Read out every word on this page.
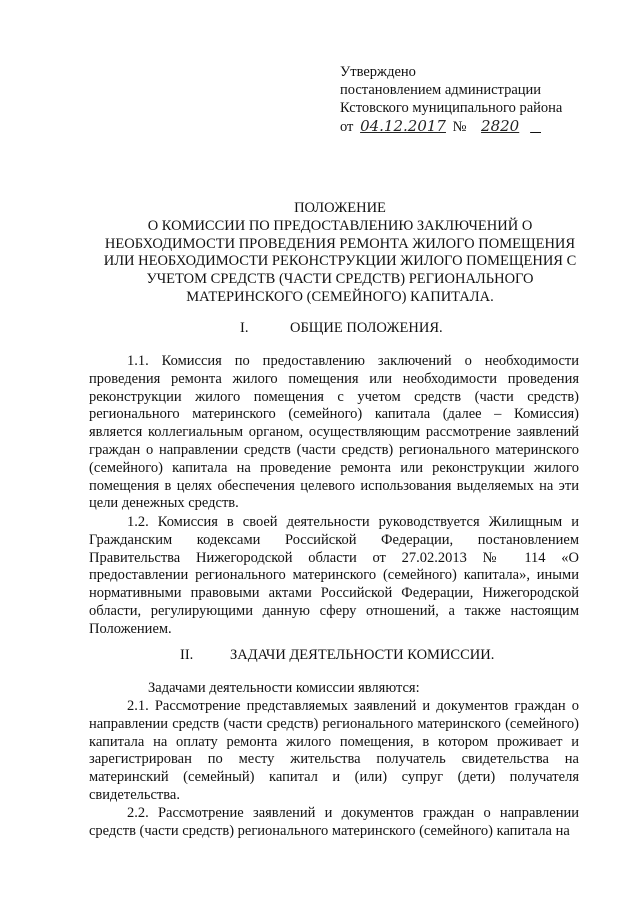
Утверждено
постановлением администрации
Кстовского муниципального района
от 04.12.2017 № 2820
ПОЛОЖЕНИЕ
О КОМИССИИ ПО ПРЕДОСТАВЛЕНИЮ ЗАКЛЮЧЕНИЙ О
НЕОБХОДИМОСТИ ПРОВЕДЕНИЯ РЕМОНТА ЖИЛОГО ПОМЕЩЕНИЯ
ИЛИ НЕОБХОДИМОСТИ РЕКОНСТРУКЦИИ ЖИЛОГО ПОМЕЩЕНИЯ С
УЧЕТОМ СРЕДСТВ (ЧАСТИ СРЕДСТВ) РЕГИОНАЛЬНОГО
МАТЕРИНСКОГО (СЕМЕЙНОГО) КАПИТАЛА.
I.	ОБЩИЕ ПОЛОЖЕНИЯ.
1.1. Комиссия по предоставлению заключений о необходимости проведения ремонта жилого помещения или необходимости проведения реконструкции жилого помещения с учетом средств (части средств) регионального материнского (семейного) капитала (далее – Комиссия) является коллегиальным органом, осуществляющим рассмотрение заявлений граждан о направлении средств (части средств) регионального материнского (семейного) капитала на проведение ремонта или реконструкции жилого помещения в целях обеспечения целевого использования выделяемых на эти цели денежных средств.
1.2. Комиссия в своей деятельности руководствуется Жилищным и Гражданским кодексами Российской Федерации, постановлением Правительства Нижегородской области от 27.02.2013 № 114 «О предоставлении регионального материнского (семейного) капитала», иными нормативными правовыми актами Российской Федерации, Нижегородской области, регулирующими данную сферу отношений, а также настоящим Положением.
II.	ЗАДАЧИ ДЕЯТЕЛЬНОСТИ КОМИССИИ.
Задачами деятельности комиссии являются:
2.1. Рассмотрение представляемых заявлений и документов граждан о направлении средств (части средств) регионального материнского (семейного) капитала на оплату ремонта жилого помещения, в котором проживает и зарегистрирован по месту жительства получатель свидетельства на материнский (семейный) капитал и (или) супруг (дети) получателя свидетельства.
2.2. Рассмотрение заявлений и документов граждан о направлении средств (части средств) регионального материнского (семейного) капитала на
